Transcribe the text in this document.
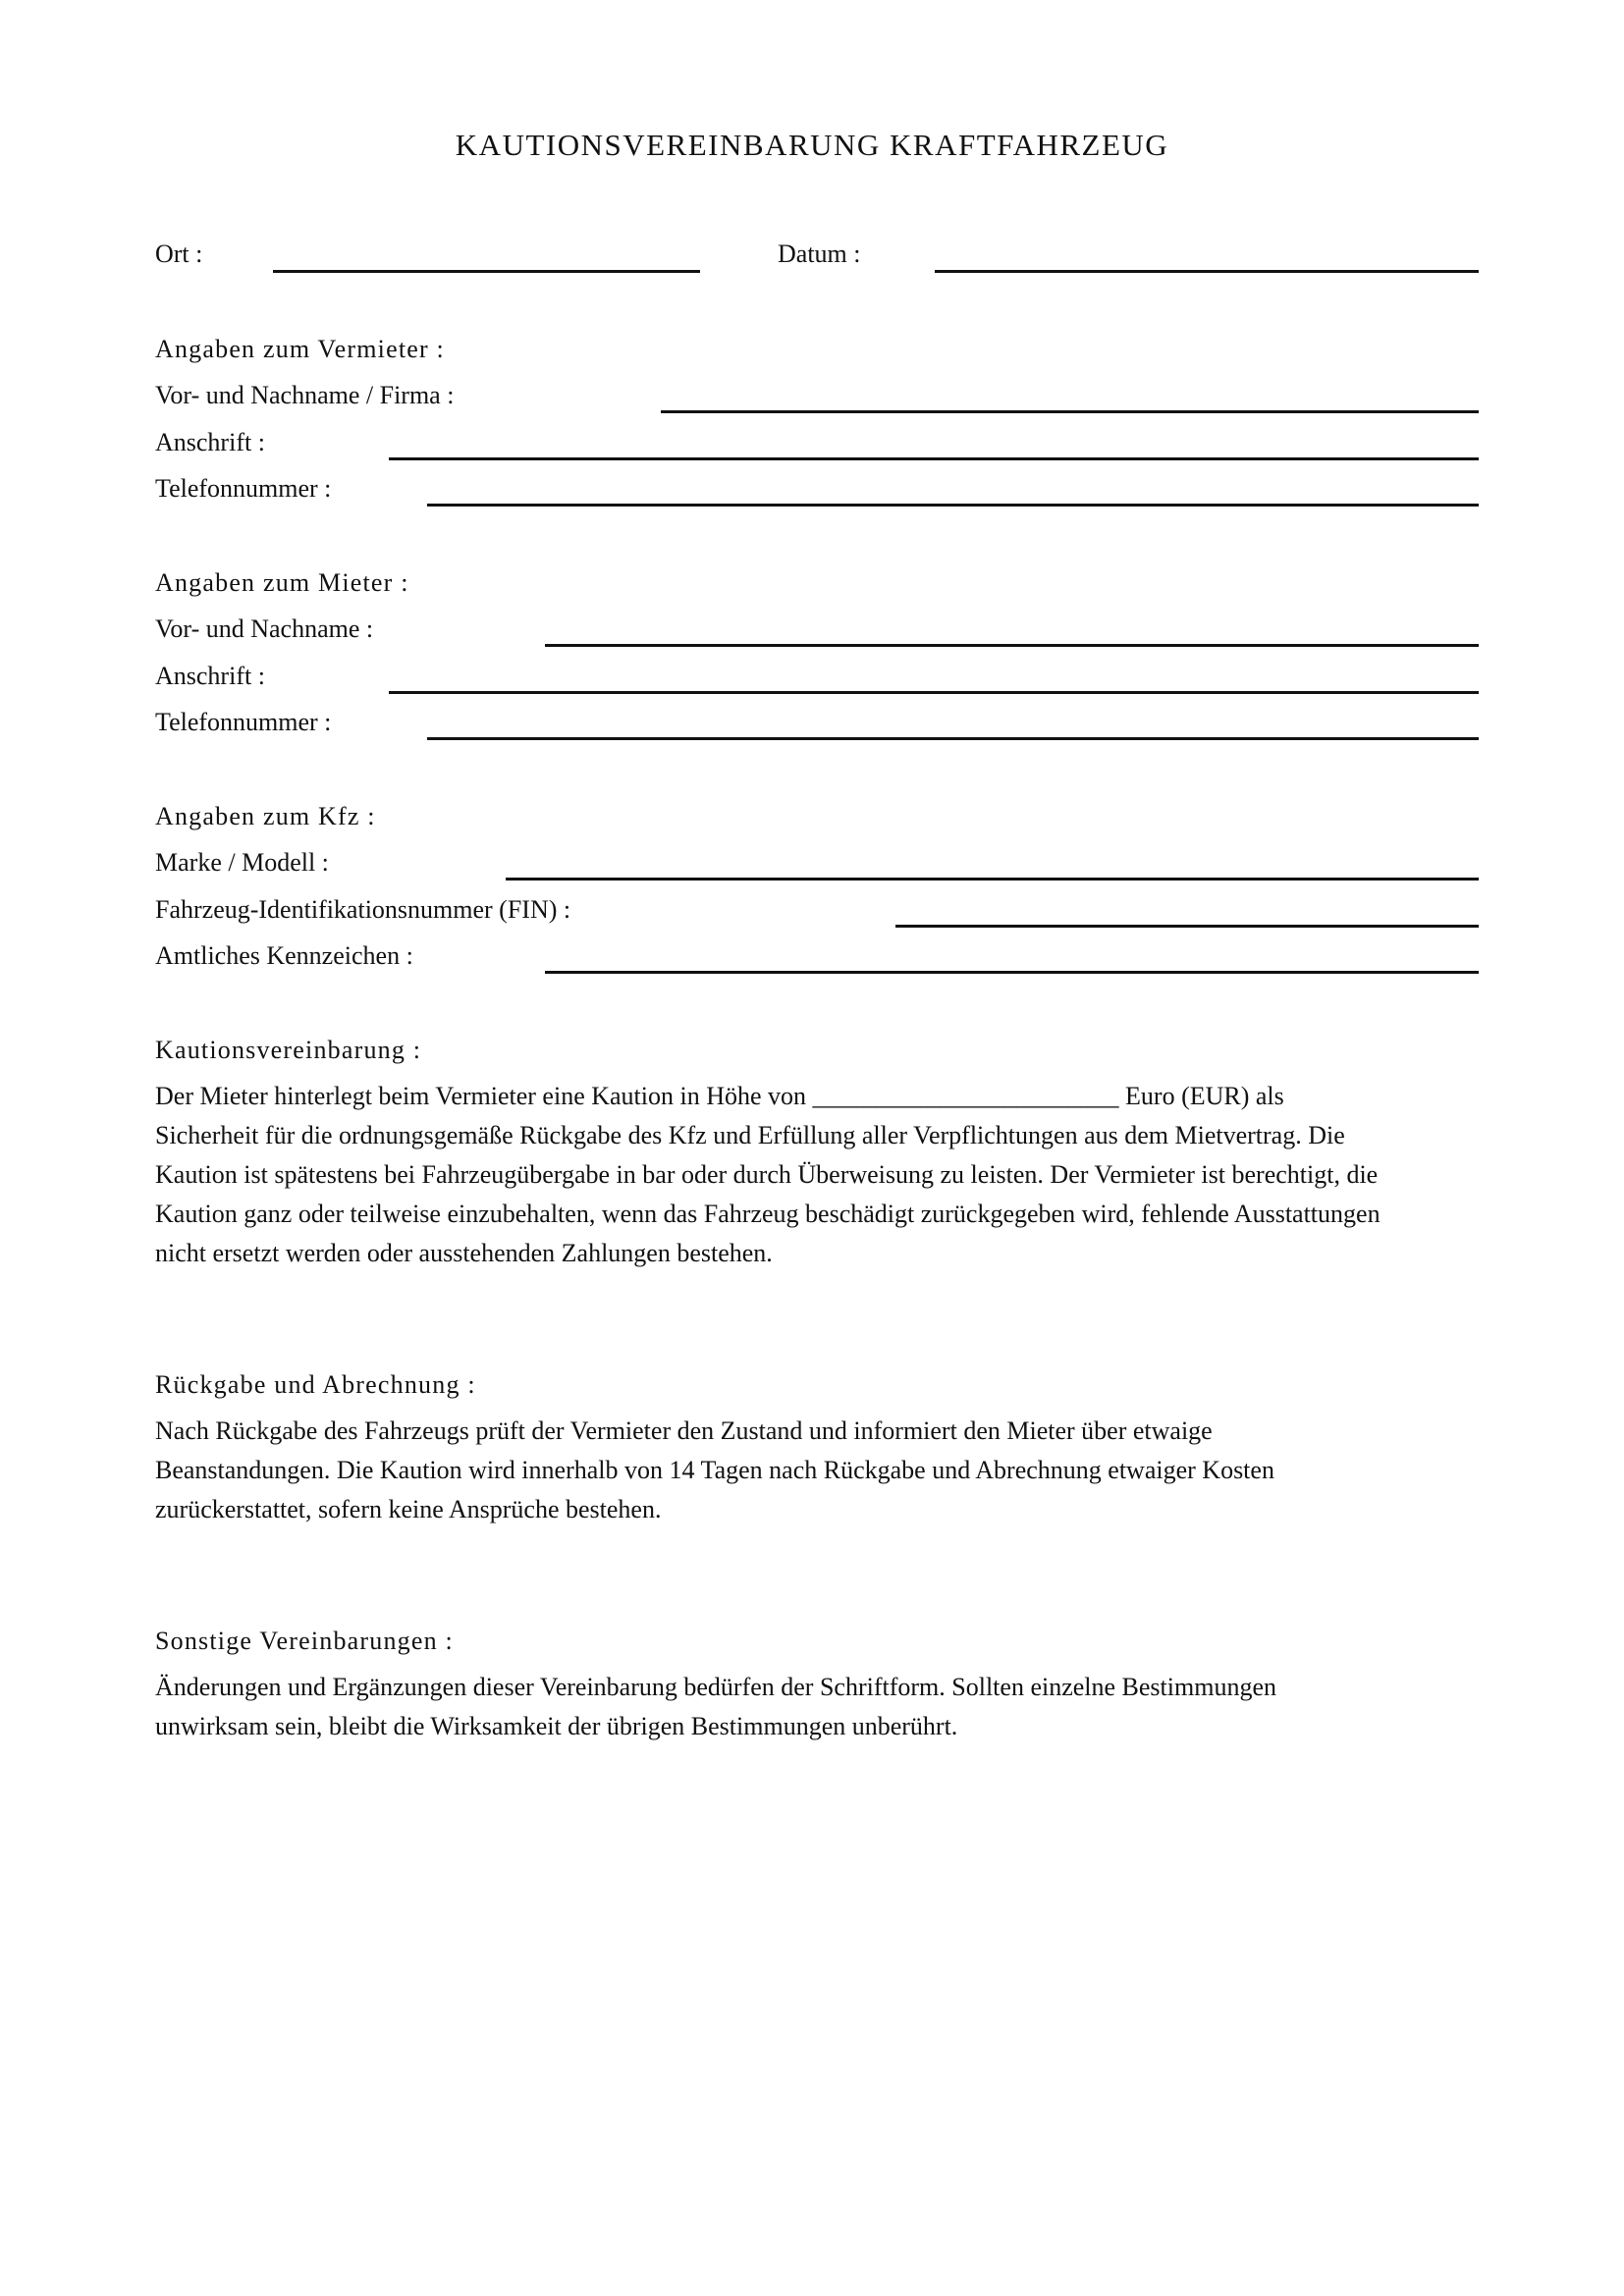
KAUTIONSVEREINBARUNG KRAFTFAHRZEUG
Ort :	Datum :
Angaben zum Vermieter :
Vor- und Nachname / Firma :
Anschrift :
Telefonnummer :
Angaben zum Mieter :
Vor- und Nachname :
Anschrift :
Telefonnummer :
Angaben zum Kfz :
Marke / Modell :
Fahrzeug-Identifikationsnummer (FIN) :
Amtliches Kennzeichen :
Kautionsvereinbarung :

Der Mieter hinterlegt beim Vermieter eine Kaution in Höhe von ________________________ Euro (EUR) als

Sicherheit für die ordnungsgemäße Rückgabe des Kfz und Erfüllung aller Verpflichtungen aus dem Mietvertrag. Die

Kaution ist spätestens bei Fahrzeugübergabe in bar oder durch Überweisung zu leisten. Der Vermieter ist berechtigt, die

Kaution ganz oder teilweise einzubehalten, wenn das Fahrzeug beschädigt zurückgegeben wird, fehlende Ausstattungen

nicht ersetzt werden oder ausstehenden Zahlungen bestehen.

Rückgabe und Abrechnung :

Nach Rückgabe des Fahrzeugs prüft der Vermieter den Zustand und informiert den Mieter über etwaige

Beanstandungen. Die Kaution wird innerhalb von 14 Tagen nach Rückgabe und Abrechnung etwaiger Kosten

zurückerstattet, sofern keine Ansprüche bestehen.

Sonstige Vereinbarungen :

Änderungen und Ergänzungen dieser Vereinbarung bedürfen der Schriftform. Sollten einzelne Bestimmungen

unwirksam sein, bleibt die Wirksamkeit der übrigen Bestimmungen unberührt.
